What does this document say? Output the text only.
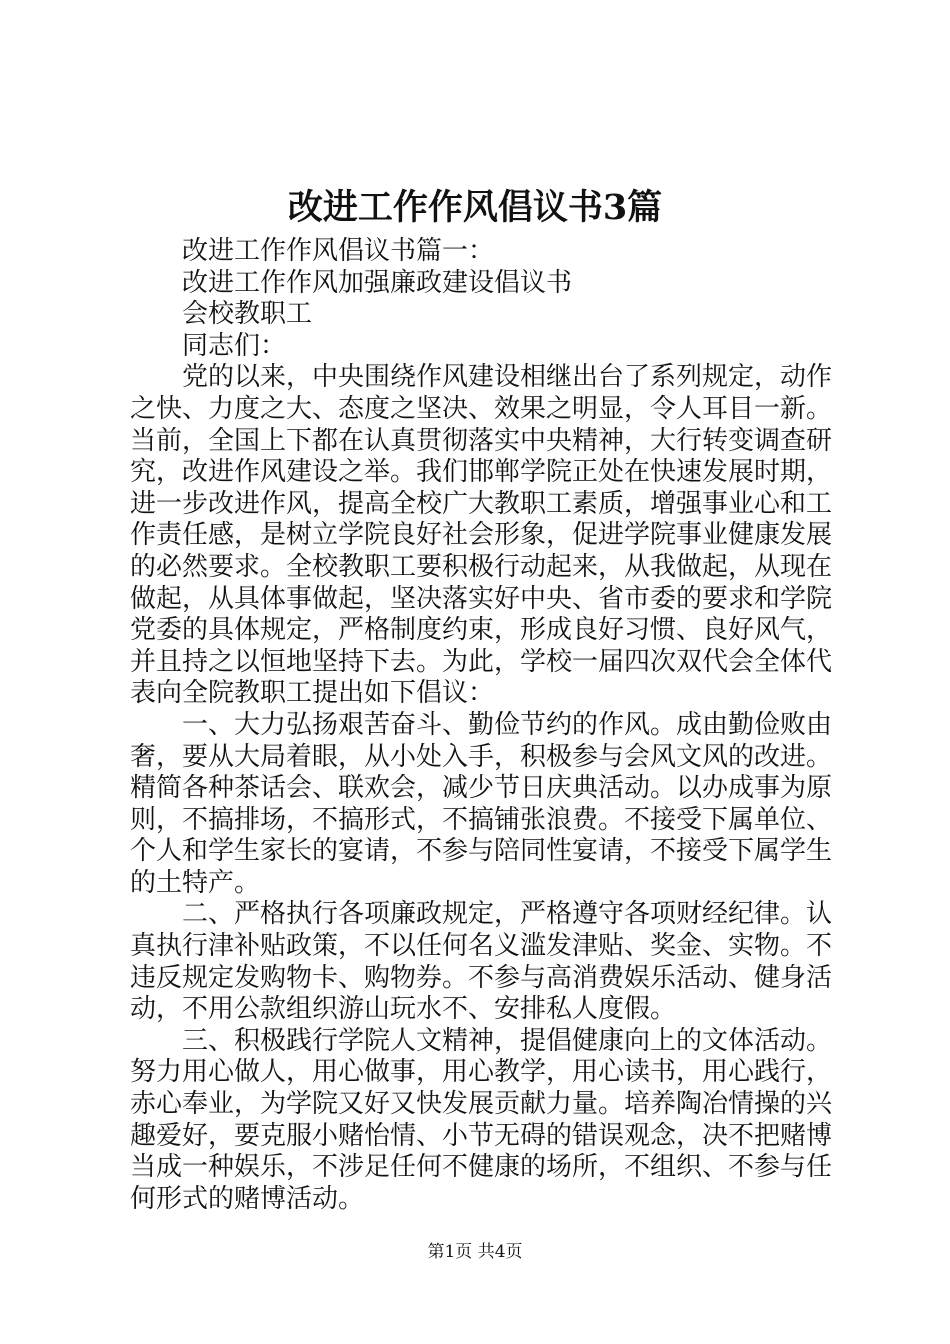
改进工作作风倡议书3篇
改进工作作风倡议书篇一：
改进工作作风加强廉政建设倡议书
会校教职工
同志们：
党的以来，中央围绕作风建设相继出台了系列规定，动作
之快、力度之大、态度之坚决、效果之明显，令人耳目一新。
当前，全国上下都在认真贯彻落实中央精神，大行转变调查研
究，改进作风建设之举。我们邯郸学院正处在快速发展时期，
进一步改进作风，提高全校广大教职工素质，增强事业心和工
作责任感，是树立学院良好社会形象，促进学院事业健康发展
的必然要求。全校教职工要积极行动起来，从我做起，从现在
做起，从具体事做起，坚决落实好中央、省市委的要求和学院
党委的具体规定，严格制度约束，形成良好习惯、良好风气，
并且持之以恒地坚持下去。为此，学校一届四次双代会全体代
表向全院教职工提出如下倡议：
一、大力弘扬艰苦奋斗、勤俭节约的作风。成由勤俭败由
奢，要从大局着眼，从小处入手，积极参与会风文风的改进。
精简各种茶话会、联欢会，减少节日庆典活动。以办成事为原
则，不搞排场，不搞形式，不搞铺张浪费。不接受下属单位、
个人和学生家长的宴请，不参与陪同性宴请，不接受下属学生
的土特产。
二、严格执行各项廉政规定，严格遵守各项财经纪律。认
真执行津补贴政策，不以任何名义滥发津贴、奖金、实物。不
违反规定发购物卡、购物券。不参与高消费娱乐活动、健身活
动，不用公款组织游山玩水不、安排私人度假。
三、积极践行学院人文精神，提倡健康向上的文体活动。
努力用心做人，用心做事，用心教学，用心读书，用心践行，
赤心奉业，为学院又好又快发展贡献力量。培养陶冶情操的兴
趣爱好，要克服小赌怡情、小节无碍的错误观念，决不把赌博
当成一种娱乐，不涉足任何不健康的场所，不组织、不参与任
何形式的赌博活动。
第1页 共4页
